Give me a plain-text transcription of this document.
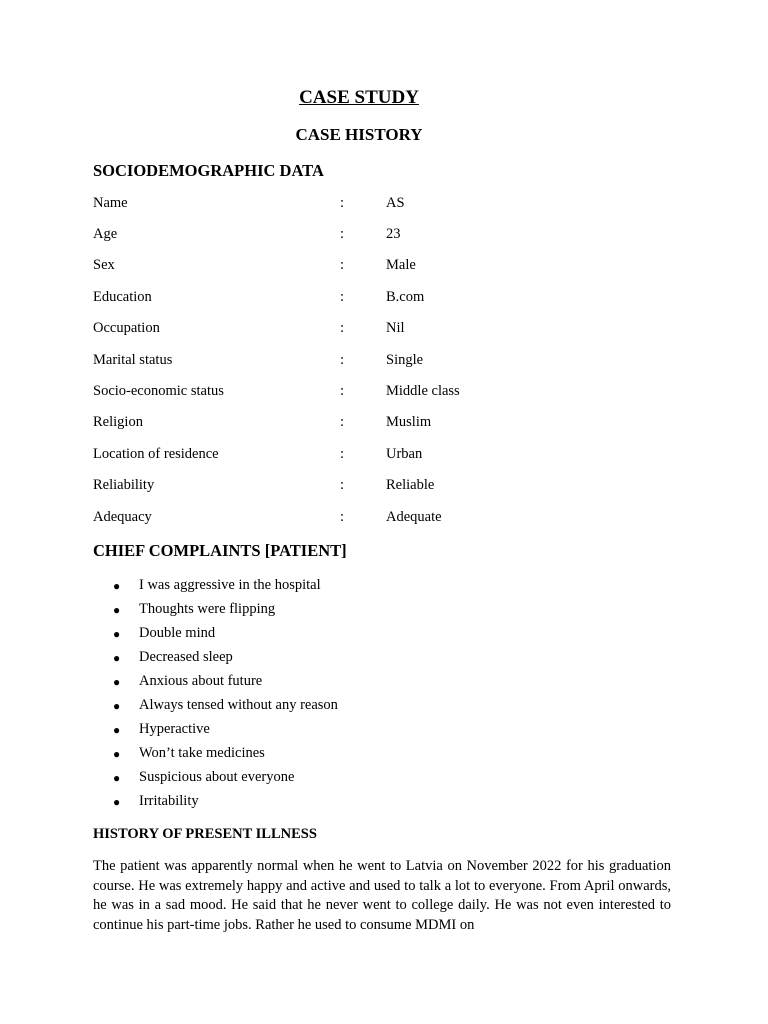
CASE STUDY
CASE HISTORY
SOCIODEMOGRAPHIC DATA
Name	:	AS
Age	:	23
Sex	:	Male
Education	:	B.com
Occupation	:	Nil
Marital status	:	Single
Socio-economic status	:	Middle class
Religion	:	Muslim
Location of residence	:	Urban
Reliability	:	Reliable
Adequacy	:	Adequate
CHIEF COMPLAINTS [PATIENT]
● I was aggressive in the hospital
● Thoughts were flipping
● Double mind
● Decreased sleep
● Anxious about future
● Always tensed without any reason
● Hyperactive
● Won’t take medicines
● Suspicious about everyone
● Irritability
HISTORY OF PRESENT ILLNESS

The patient was apparently normal when he went to Latvia on November 2022 for his graduation course. He was extremely happy and active and used to talk a lot to everyone. From April onwards, he was in a sad mood. He said that he never went to college daily. He was not even interested to continue his part-time jobs. Rather he used to consume MDMI on
